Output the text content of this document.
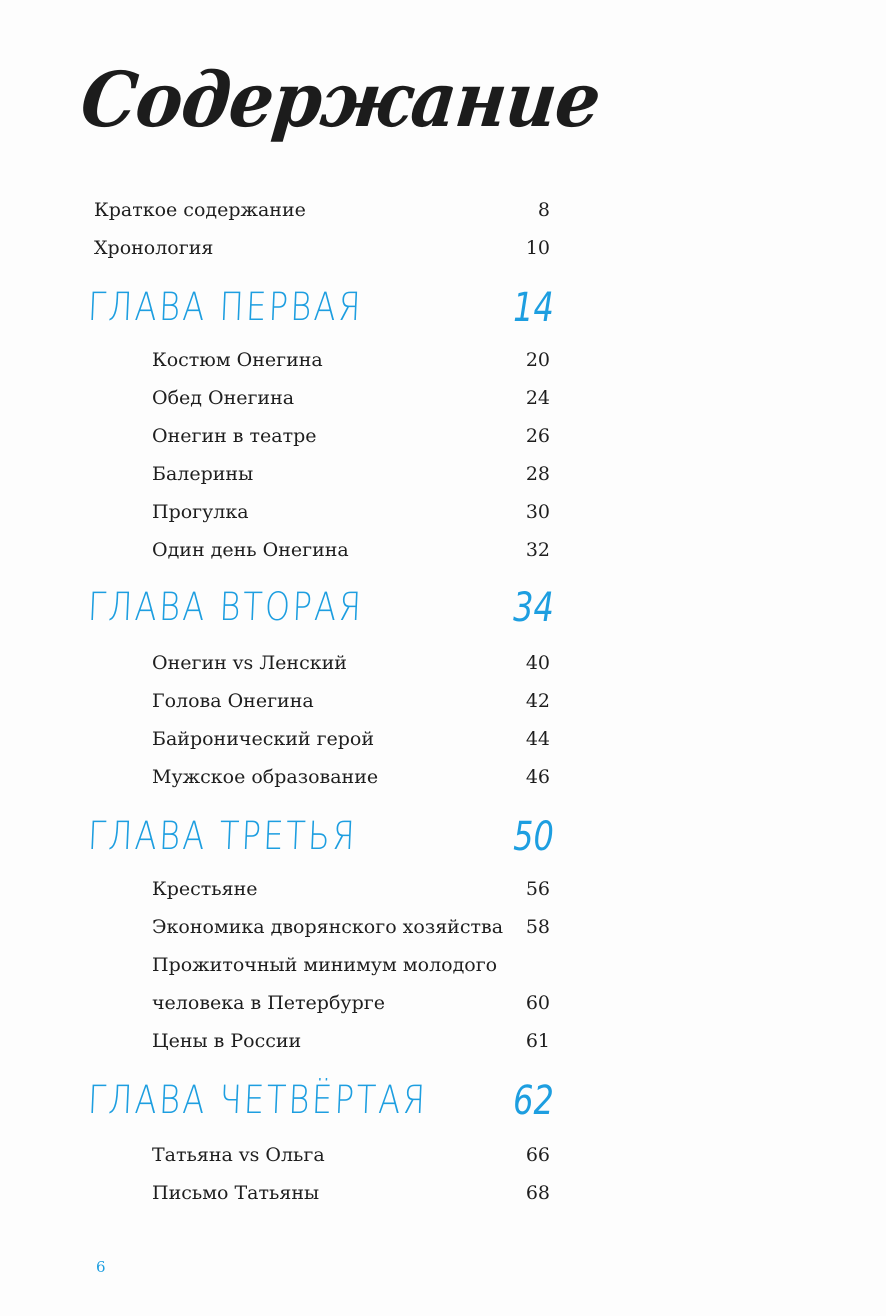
Содержание
Краткое содержание	8
Хронология	10
ГЛАВА ПЕРВАЯ	14
Костюм Онегина	20
Обед Онегина	24
Онегин в театре	26
Балерины	28
Прогулка	30
Один день Онегина	32
ГЛАВА ВТОРАЯ	34
Онегин vs Ленский	40
Голова Онегина	42
Байронический герой	44
Мужское образование	46
ГЛАВА ТРЕТЬЯ	50
Крестьяне	56
Экономика дворянского хозяйства 58
Прожиточный минимум молодого
человека в Петербурге	60
Цены в России	61
ГЛАВА ЧЕТВЁРТАЯ 62
Татьяна vs Ольга	66
Письмо Татьяны	68
6
